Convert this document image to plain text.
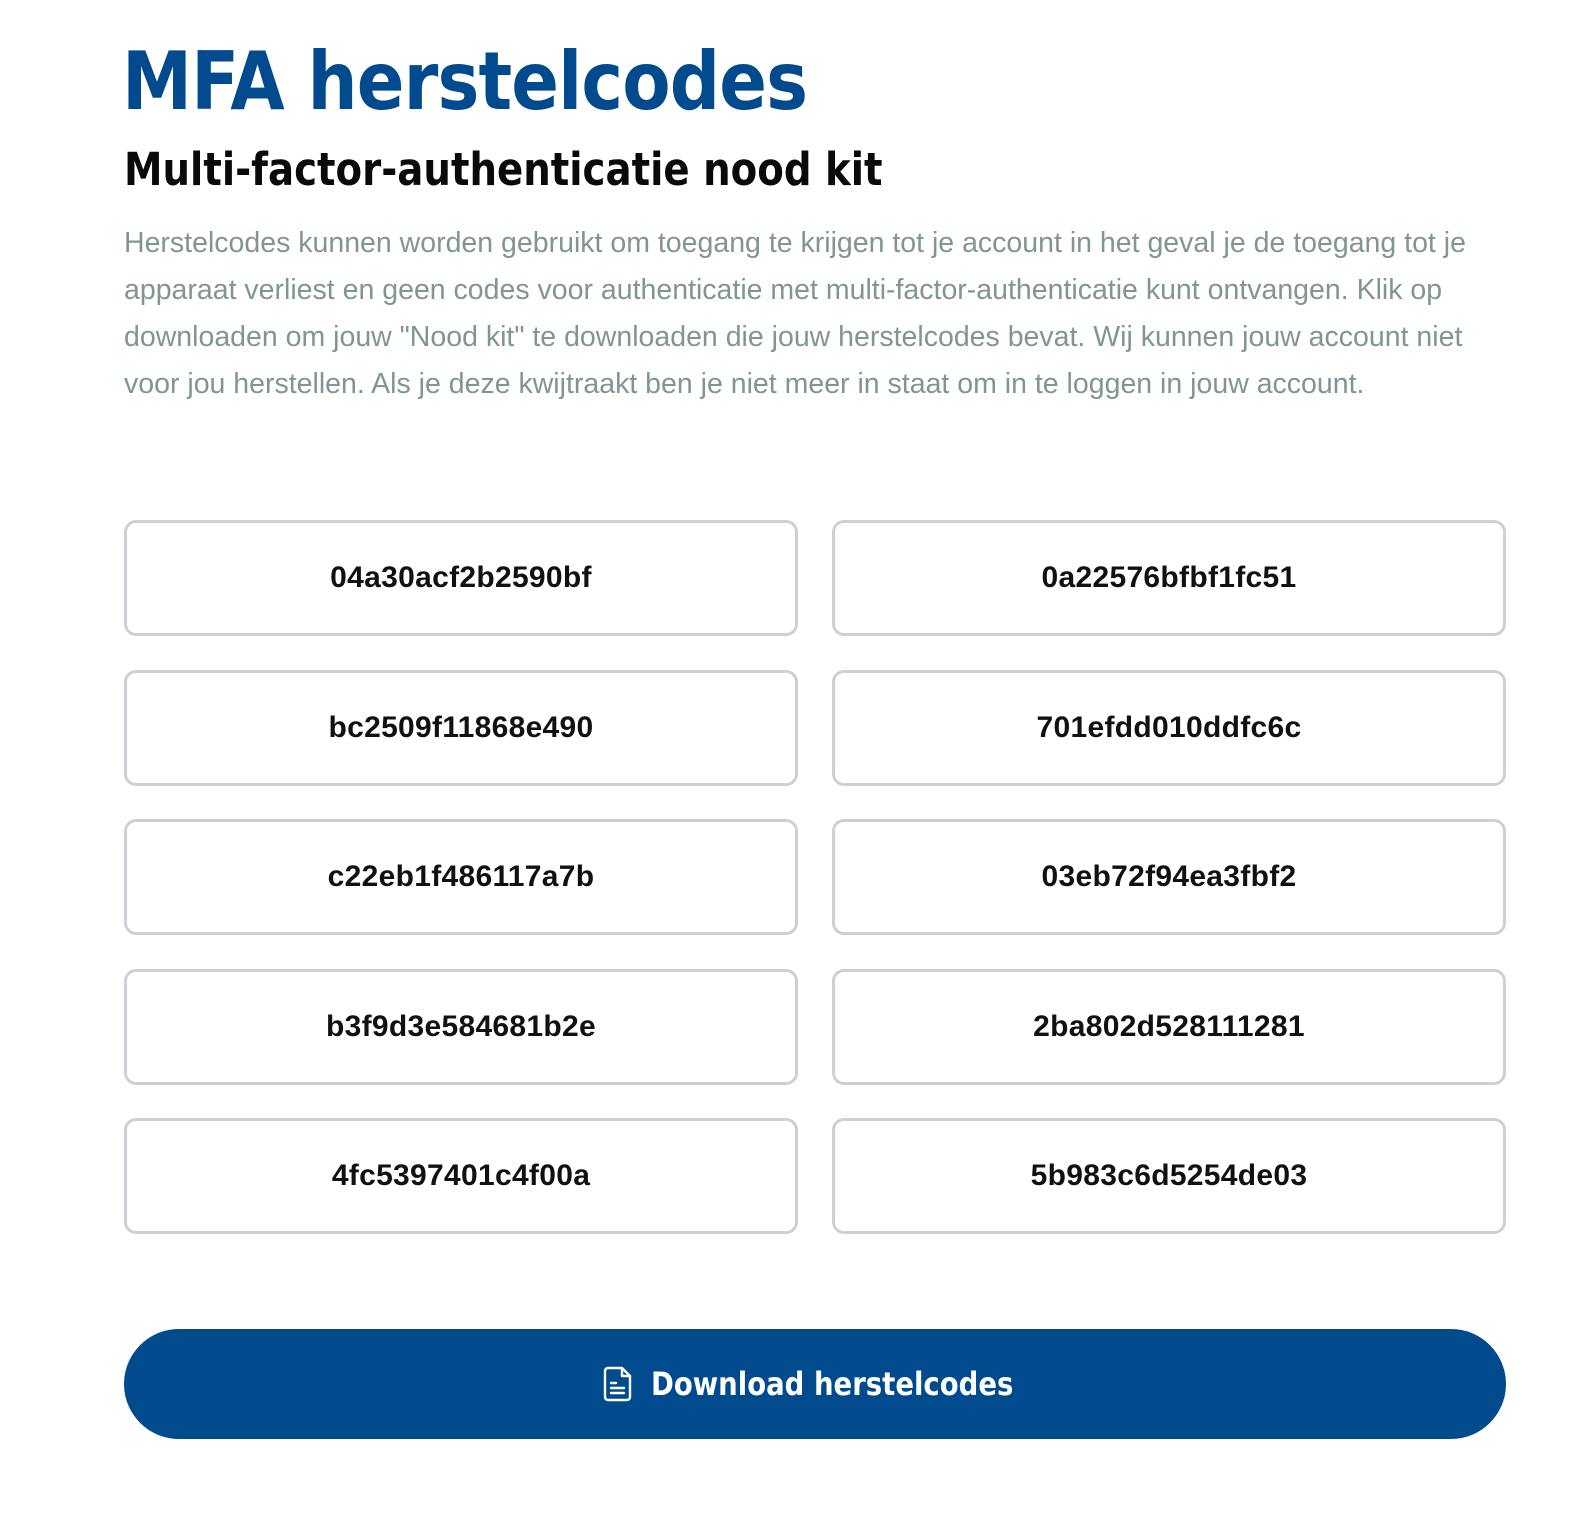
MFA herstelcodes
Multi-factor-authenticatie nood kit

Herstelcodes kunnen worden gebruikt om toegang te krijgen tot je account in het geval je de toegang tot je apparaat verliest en geen codes voor authenticatie met multi-factor-authenticatie kunt ontvangen. Klik op downloaden om jouw "Nood kit" te downloaden die jouw herstelcodes bevat. Wij kunnen jouw account niet voor jou herstellen. Als je deze kwijtraakt ben je niet meer in staat om in te loggen in jouw account.

04a30acf2b2590bf	0a22576bfbf1fc51
bc2509f11868e490	701efdd010ddfc6c
c22eb1f486117a7b	03eb72f94ea3fbf2
b3f9d3e584681b2e	2ba802d528111281
4fc5397401c4f00a	5b983c6d5254de03
Download herstelcodes
